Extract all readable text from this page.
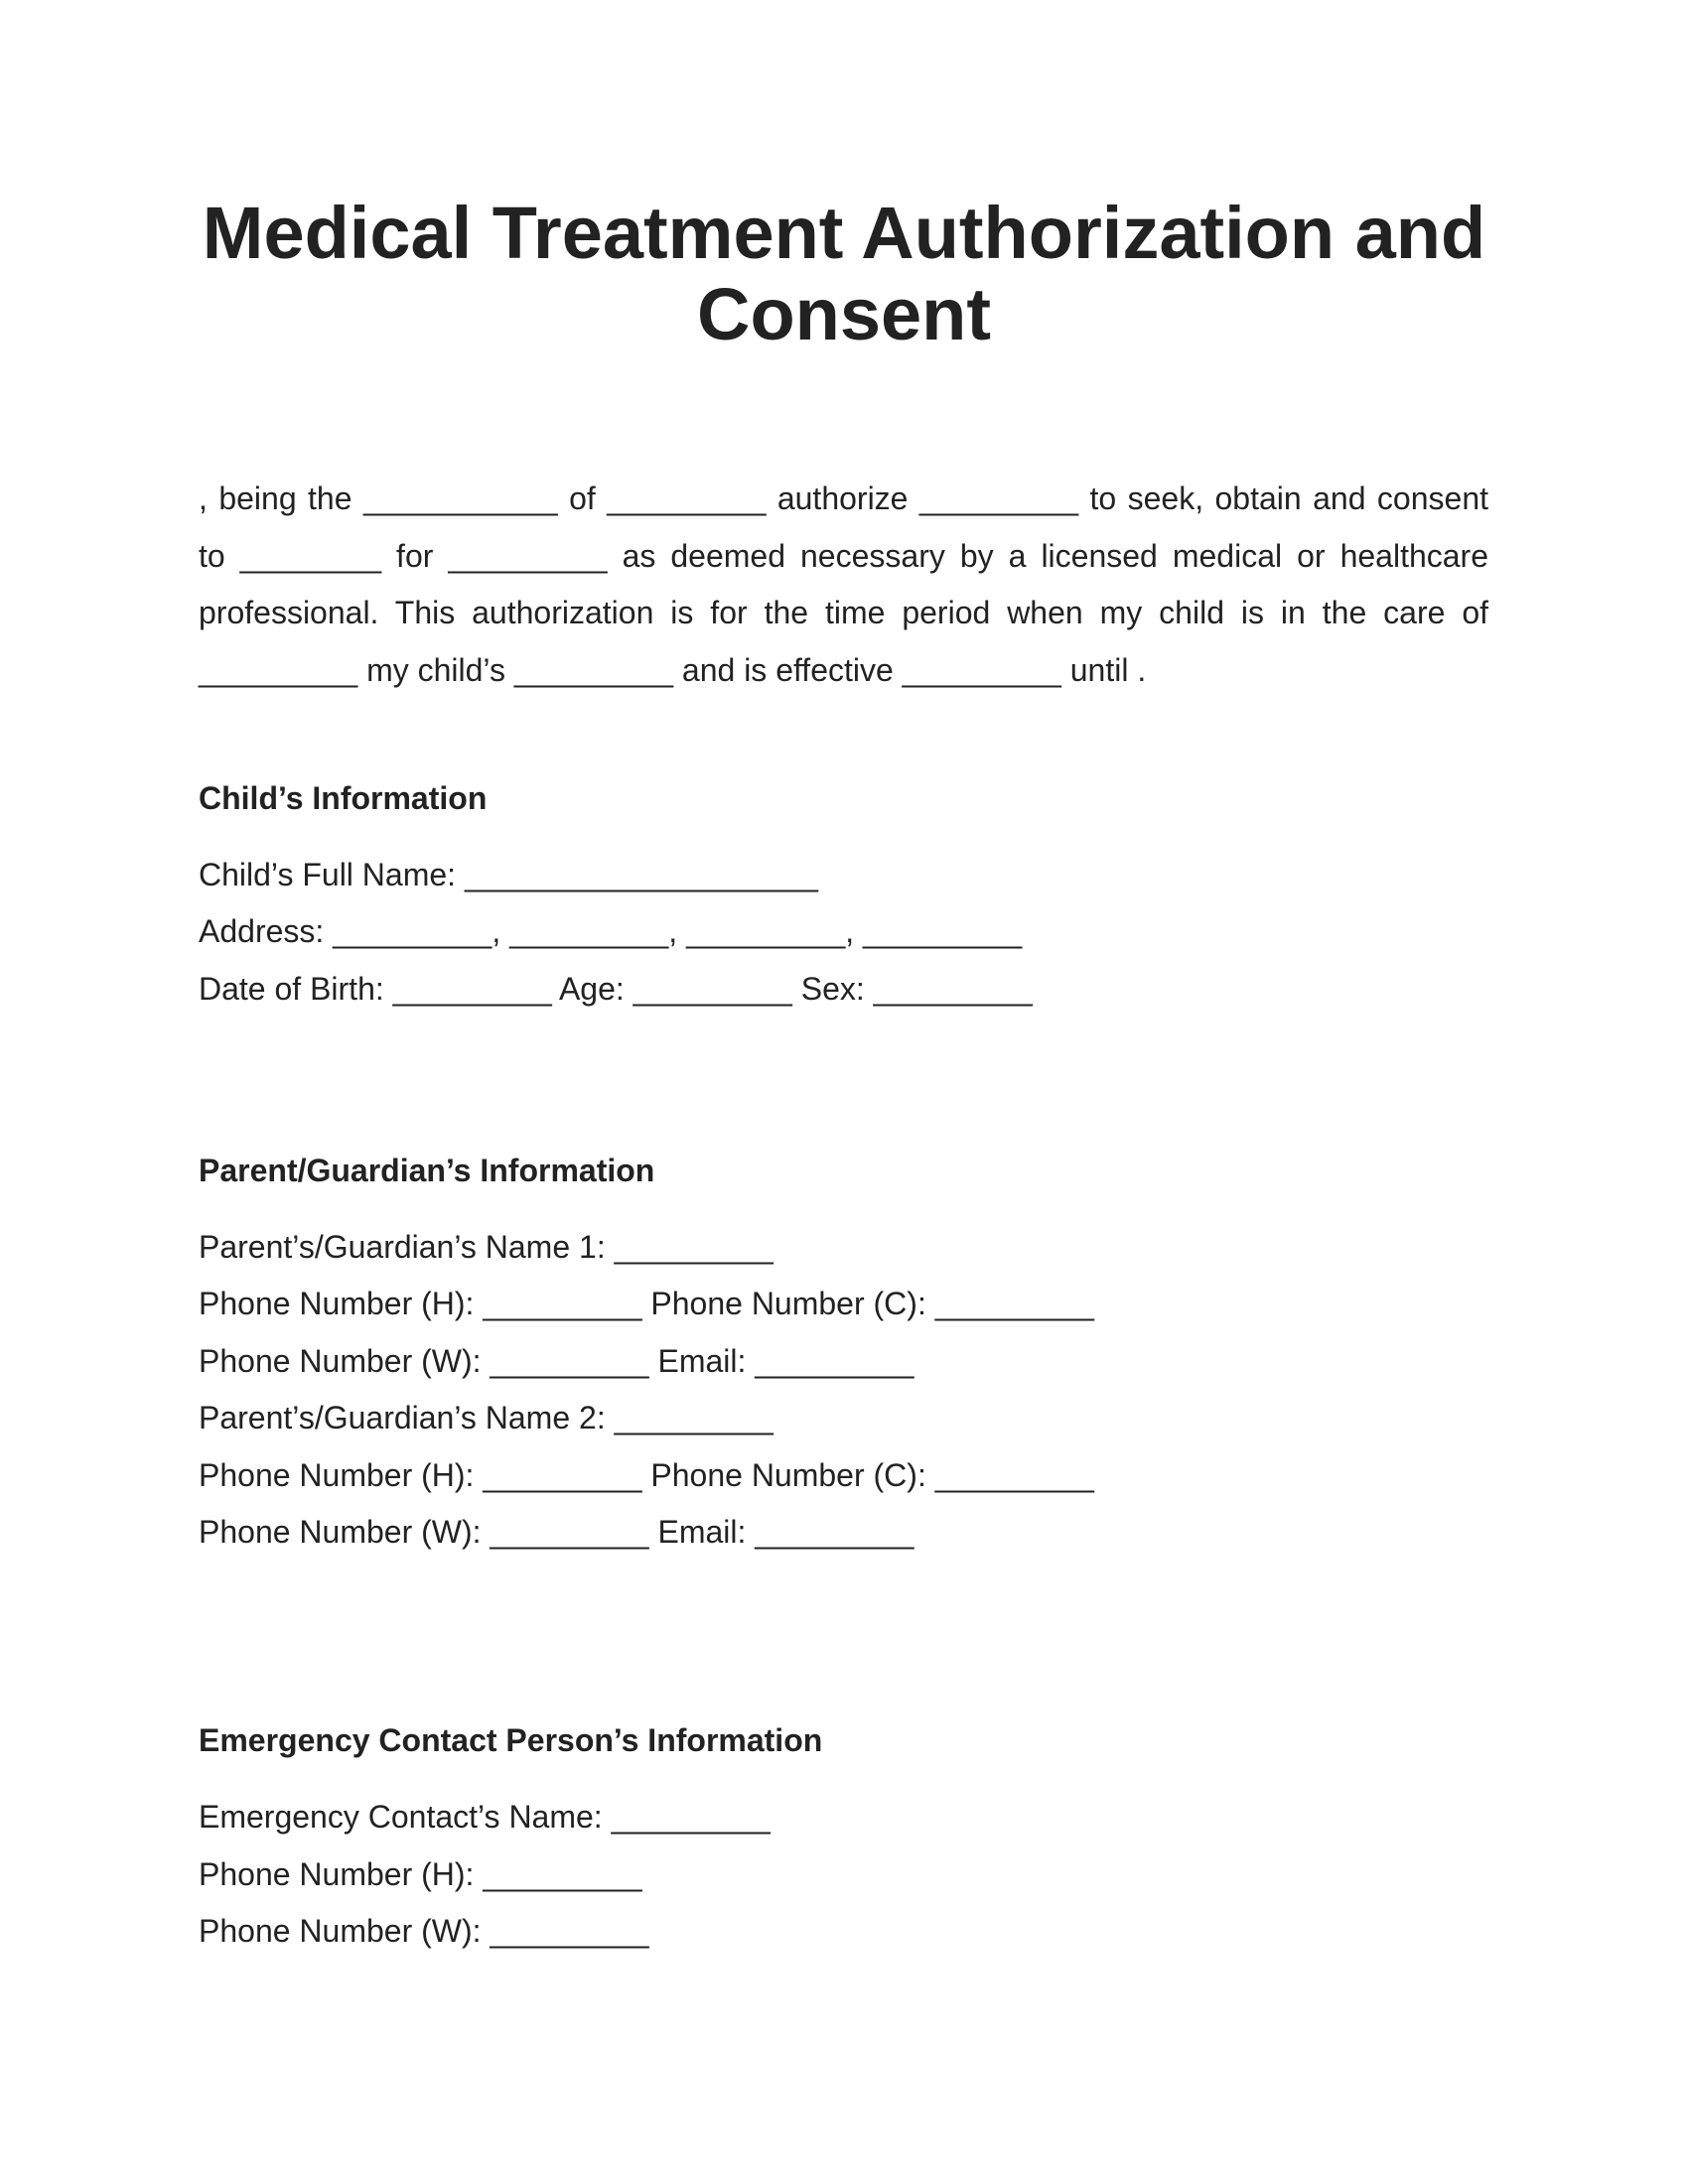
Medical Treatment Authorization and
Consent

, being the ___________ of _________ authorize _________ to seek, obtain and consent to ________ for _________ as deemed necessary by a licensed medical or healthcare professional. This authorization is for the time period when my child is in the care of _________ my child’s _________ and is effective _________ until .

Child’s Information
Child’s Full Name: ____________________
Address: _________, _________, _________, _________
Date of Birth: _________ Age: _________ Sex: _________
Parent/Guardian’s Information
Parent’s/Guardian’s Name 1: _________
Phone Number (H): _________ Phone Number (C): _________
Phone Number (W): _________ Email: _________
Parent’s/Guardian’s Name 2: _________
Phone Number (H): _________ Phone Number (C): _________
Phone Number (W): _________ Email: _________
Emergency Contact Person’s Information
Emergency Contact’s Name: _________
Phone Number (H): _________
Phone Number (W): _________
